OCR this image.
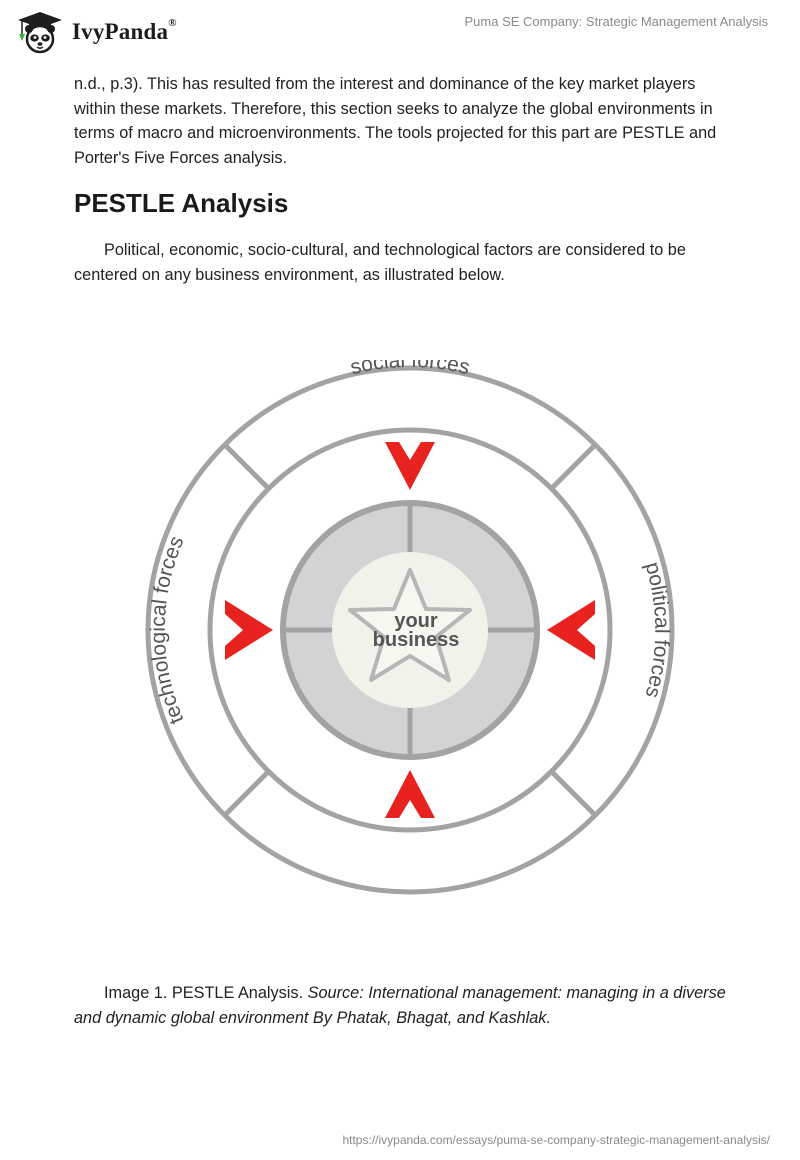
IvyPanda®	Puma SE Company: Strategic Management Analysis

n.d., p.3). This has resulted from the interest and dominance of the key market players within these markets. Therefore, this section seeks to analyze the global environments in terms of macro and microenvironments. The tools projected for this part are PESTLE and Porter's Five Forces analysis.

PESTLE Analysis

Political, economic, socio-cultural, and technological factors are considered to be centered on any business environment, as illustrated below.

your
business
social forces
technological forces
political forces

Image 1. PESTLE Analysis. Source: International management: managing in a diverse and dynamic global environment By Phatak, Bhagat, and Kashlak.

https://ivypanda.com/essays/puma-se-company-strategic-management-analysis/
